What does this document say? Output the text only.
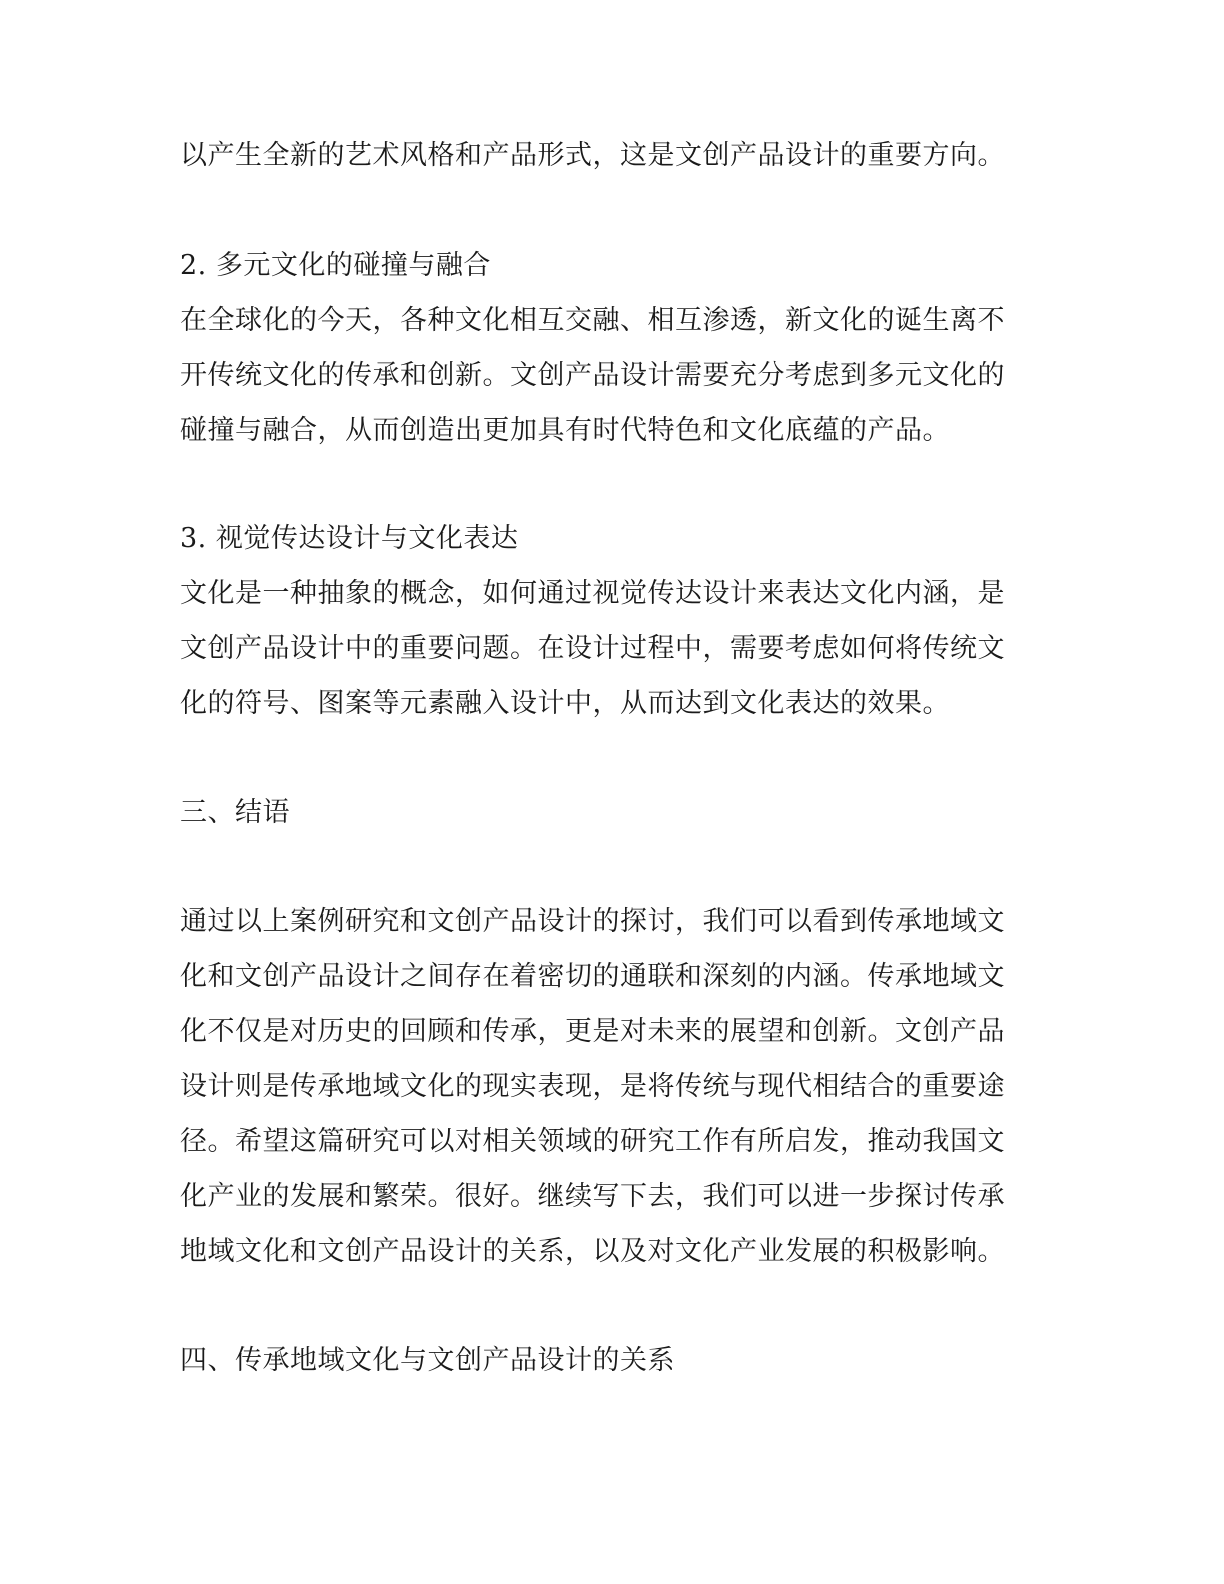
以产生全新的艺术风格和产品形式，这是文创产品设计的重要方向。

2. 多元文化的碰撞与融合

在全球化的今天，各种文化相互交融、相互渗透，新文化的诞生离不

开传统文化的传承和创新。文创产品设计需要充分考虑到多元文化的

碰撞与融合，从而创造出更加具有时代特色和文化底蕴的产品。

3. 视觉传达设计与文化表达

文化是一种抽象的概念，如何通过视觉传达设计来表达文化内涵，是

文创产品设计中的重要问题。在设计过程中，需要考虑如何将传统文

化的符号、图案等元素融入设计中，从而达到文化表达的效果。

三、结语

通过以上案例研究和文创产品设计的探讨，我们可以看到传承地域文

化和文创产品设计之间存在着密切的通联和深刻的内涵。传承地域文

化不仅是对历史的回顾和传承，更是对未来的展望和创新。文创产品

设计则是传承地域文化的现实表现，是将传统与现代相结合的重要途

径。希望这篇研究可以对相关领域的研究工作有所启发，推动我国文

化产业的发展和繁荣。很好。继续写下去，我们可以进一步探讨传承

地域文化和文创产品设计的关系，以及对文化产业发展的积极影响。

四、传承地域文化与文创产品设计的关系
